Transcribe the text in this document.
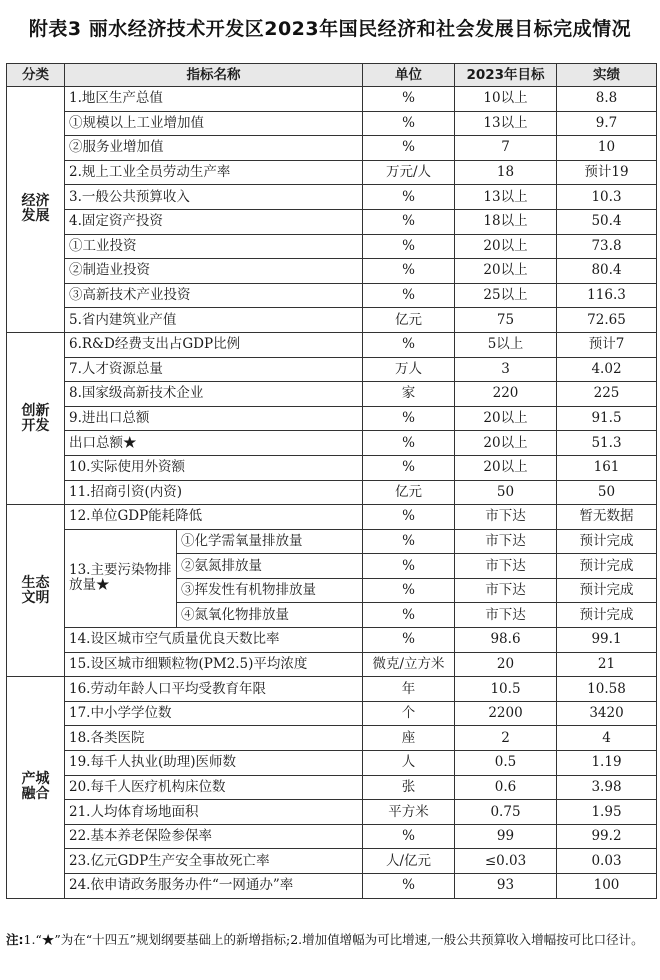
附表3 丽水经济技术开发区2023年国民经济和社会发展目标完成情况
分类	指标名称		单位	2023年目标	实绩

经济
发展	1.地区生产总值		%	10以上	8.8
	①规模以上工业增加值		%	13以上	9.7
	②服务业增加值		%	7	10
	2.规上工业全员劳动生产率		万元/人	18	预计19
	3.一般公共预算收入		%	13以上	10.3
	4.固定资产投资		%	18以上	50.4
	①工业投资		%	20以上	73.8
	②制造业投资		%	20以上	80.4
	③高新技术产业投资		%	25以上	116.3
	5.省内建筑业产值		亿元	75	72.65

创新
开发	6.R&D经费支出占GDP比例		%	5以上	预计7
	7.人才资源总量		万人	3	4.02
	8.国家级高新技术企业		家	220	225
	9.进出口总额		%	20以上	91.5
	出口总额★		%	20以上	51.3
	10.实际使用外资额		%	20以上	161
	11.招商引资(内资)		亿元	50	50

生态
文明	12.单位GDP能耗降低		%	市下达	暂无数据
	13.主要污染物排放量★	①化学需氧量排放量	%	市下达	预计完成
		②氨氮排放量	%	市下达	预计完成
		③挥发性有机物排放量	%	市下达	预计完成
		④氮氧化物排放量	%	市下达	预计完成
	14.设区城市空气质量优良天数比率		%	98.6	99.1
	15.设区城市细颗粒物(PM2.5)平均浓度		微克/立方米	20	21

产城
融合	16.劳动年龄人口平均受教育年限		年	10.5	10.58
	17.中小学学位数		个	2200	3420
	18.各类医院		座	2	4
	19.每千人执业(助理)医师数		人	0.5	1.19
	20.每千人医疗机构床位数		张	0.6	3.98
	21.人均体育场地面积		平方米	0.75	1.95
	22.基本养老保险参保率		%	99	99.2
	23.亿元GDP生产安全事故死亡率		人/亿元	≤0.03	0.03
	24.依申请政务服务办件“一网通办”率		%	93	100
注:1.“★”为在“十四五”规划纲要基础上的新增指标;2.增加值增幅为可比增速,一般公共预算收入增幅按可比口径计。
